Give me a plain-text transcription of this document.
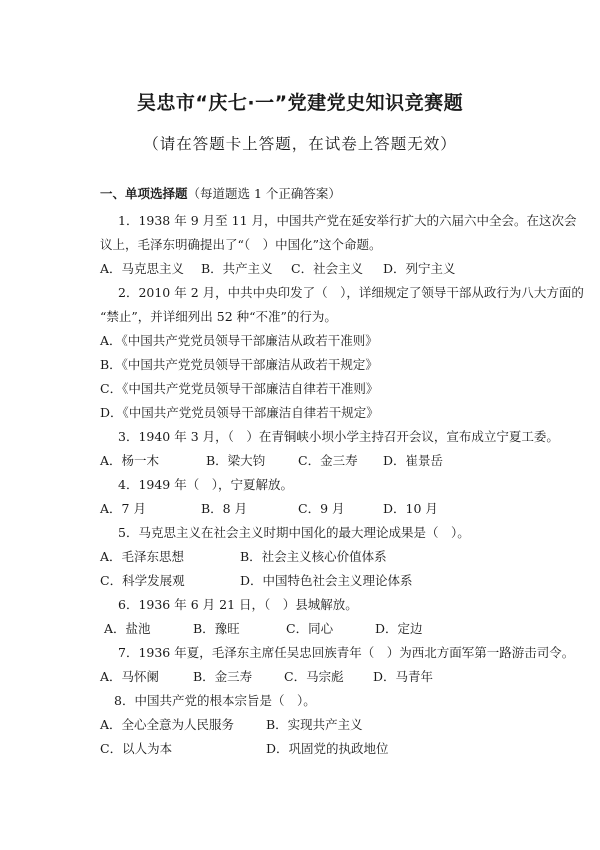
吴忠市“庆七·一”党建党史知识竞赛题
（请在答题卡上答题，在试卷上答题无效）
一、单项选择题（每道题选 1 个正确答案）
1．1938 年 9 月至 11 月，中国共产党在延安举行扩大的六届六中全会。在这次会
议上，毛泽东明确提出了“（　）中国化”这个命题。
A．马克思主义 B．共产主义 C．社会主义 D．列宁主义
2．2010 年 2 月，中共中央印发了（　），详细规定了领导干部从政行为八大方面的
“禁止”，并详细列出 52 种“不准”的行为。
A．《中国共产党党员领导干部廉洁从政若干准则》
B．《中国共产党党员领导干部廉洁从政若干规定》
C．《中国共产党党员领导干部廉洁自律若干准则》
D．《中国共产党党员领导干部廉洁自律若干规定》
3．1940 年 3 月，（　）在青铜峡小坝小学主持召开会议，宣布成立宁夏工委。
A．杨一木	B．梁大钧	C．金三寿 D．崔景岳
4．1949 年（　），宁夏解放。
A．7 月	B．8 月	C．9 月	D．10 月
5．马克思主义在社会主义时期中国化的最大理论成果是（　）。
A．毛泽东思想	B．社会主义核心价值体系
C．科学发展观	D．中国特色社会主义理论体系
6．1936 年 6 月 21 日，（　）县城解放。
A．盐池	B．豫旺	C．同心	D．定边
7．1936 年夏，毛泽东主席任吴忠回族青年（　）为西北方面军第一路游击司令。
A．马怀阑	B．金三寿	C．马宗彪 D．马青年
8．中国共产党的根本宗旨是（　）。
A．全心全意为人民服务	B．实现共产主义
C．以人为本	D．巩固党的执政地位
